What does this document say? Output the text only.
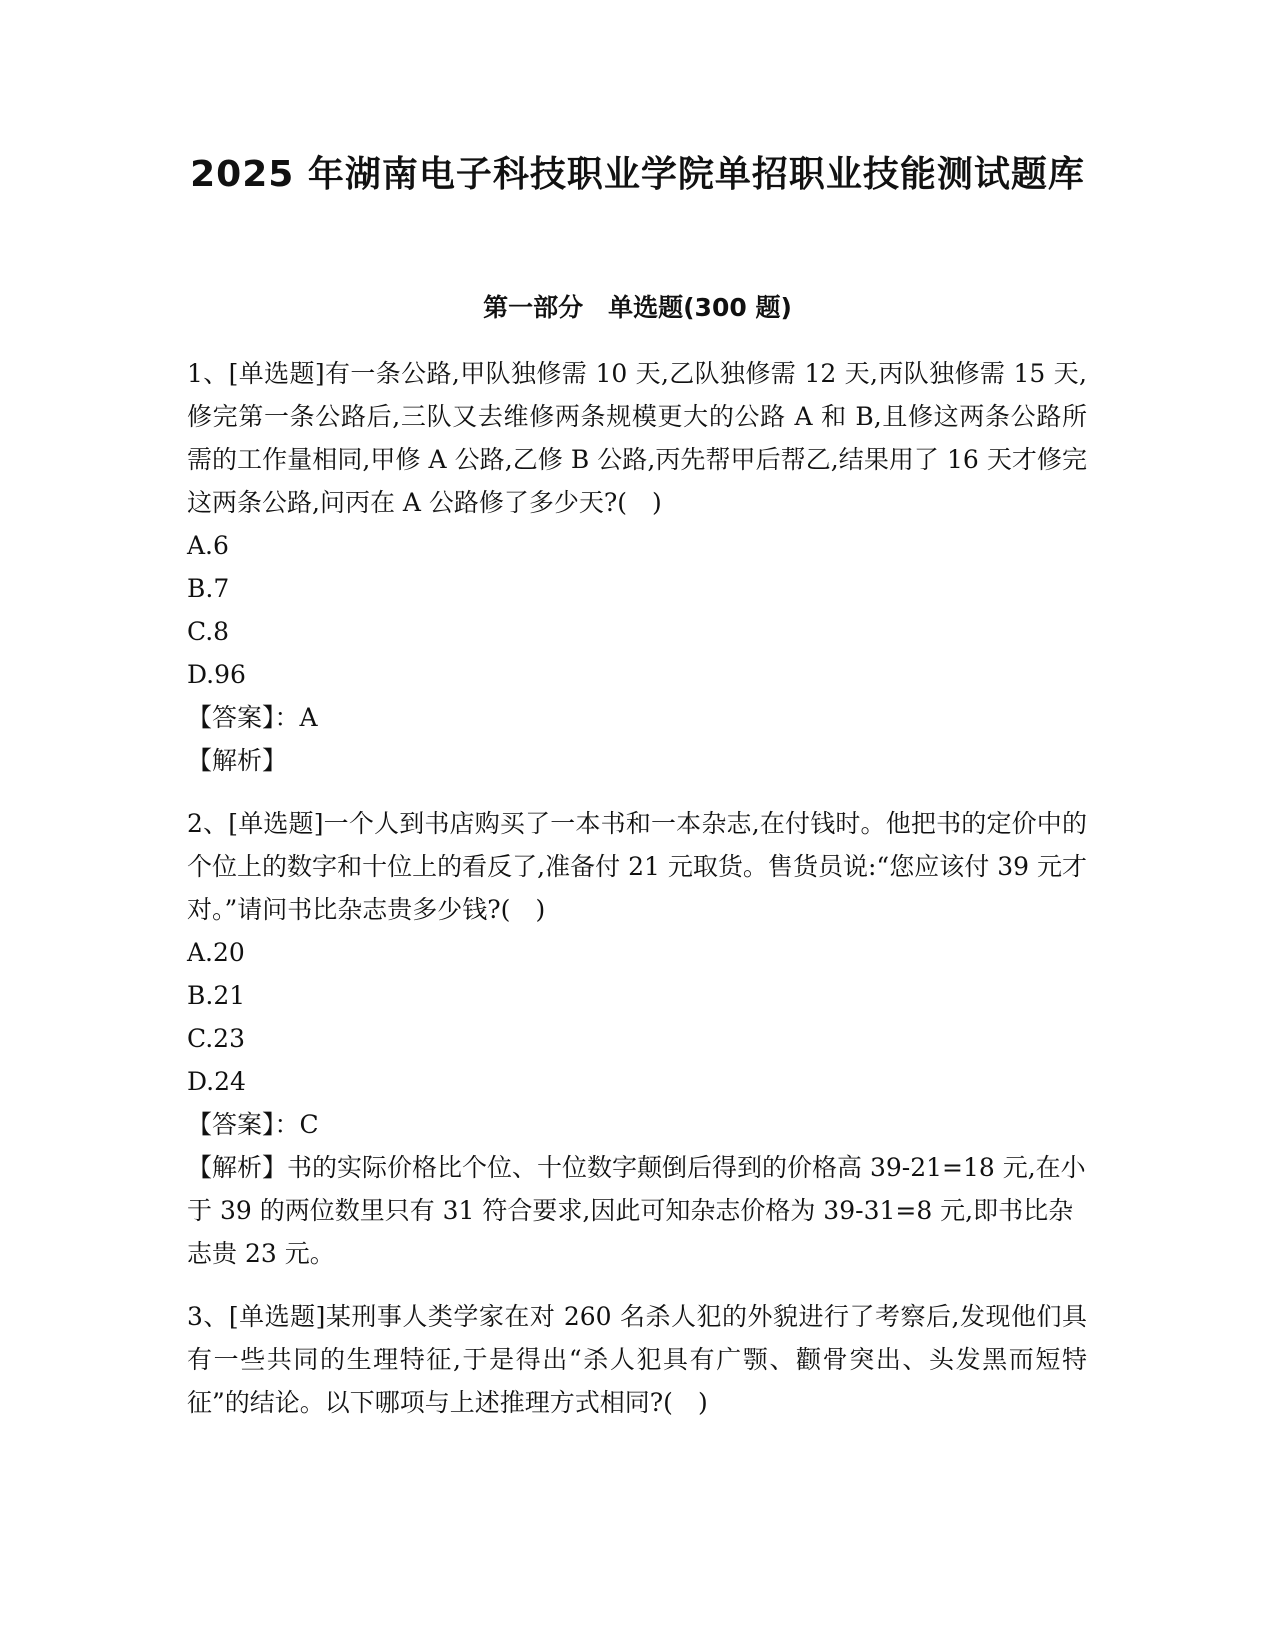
2025 年湖南电子科技职业学院单招职业技能测试题库
第一部分　单选题(300 题)

1、[单选题]有一条公路,甲队独修需 10 天,乙队独修需 12 天,丙队独修需 15 天,修完第一条公路后,三队又去维修两条规模更大的公路 A 和 B,且修这两条公路所需的工作量相同,甲修 A 公路,乙修 B 公路,丙先帮甲后帮乙,结果用了 16 天才修完这两条公路,问丙在 A 公路修了多少天?(　)

A.6

B.7

C.8

D.96

【答案】：A

【解析】

2、[单选题]一个人到书店购买了一本书和一本杂志,在付钱时。他把书的定价中的个位上的数字和十位上的看反了,准备付 21 元取货。售货员说:“您应该付 39 元才对。”请问书比杂志贵多少钱?(　)

A.20

B.21

C.23

D.24

【答案】：C

【解析】书的实际价格比个位、十位数字颠倒后得到的价格高 39-21=18 元,在小于 39 的两位数里只有 31 符合要求,因此可知杂志价格为 39-31=8 元,即书比杂志贵 23 元。

3、[单选题]某刑事人类学家在对 260 名杀人犯的外貌进行了考察后,发现他们具有一些共同的生理特征,于是得出“杀人犯具有广颚、颧骨突出、头发黑而短特征”的结论。以下哪项与上述推理方式相同?(　)
